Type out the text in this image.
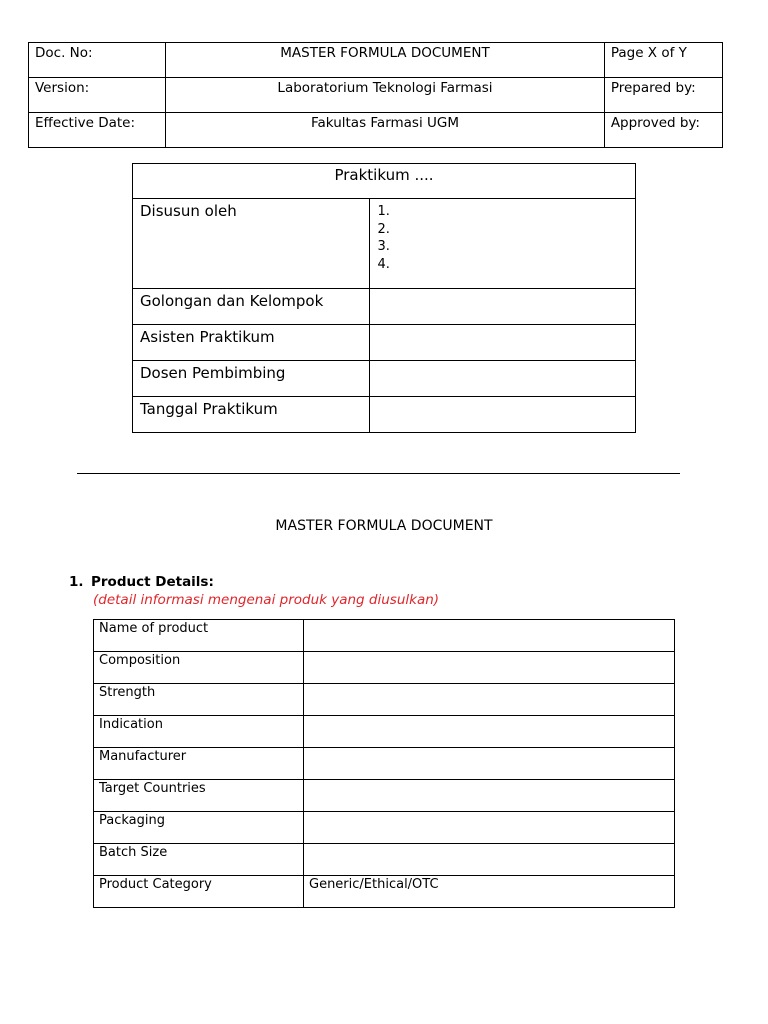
Doc. No:	MASTER FORMULA DOCUMENT	Page X of Y
Version:	Laboratorium Teknologi Farmasi	Prepared by:
Effective Date:	Fakultas Farmasi UGM	Approved by:
Praktikum ....	
Disusun oleh	1.
2.
3.
4.

Golongan dan Kelompok	
Asisten Praktikum	
Dosen Pembimbing	
Tanggal Praktikum	
MASTER FORMULA DOCUMENT
1. Product Details:
(detail informasi mengenai produk yang diusulkan)
Name of product	
Composition	
Strength	
Indication	
Manufacturer	
Target Countries	
Packaging	
Batch Size	
Product Category	Generic/Ethical/OTC
